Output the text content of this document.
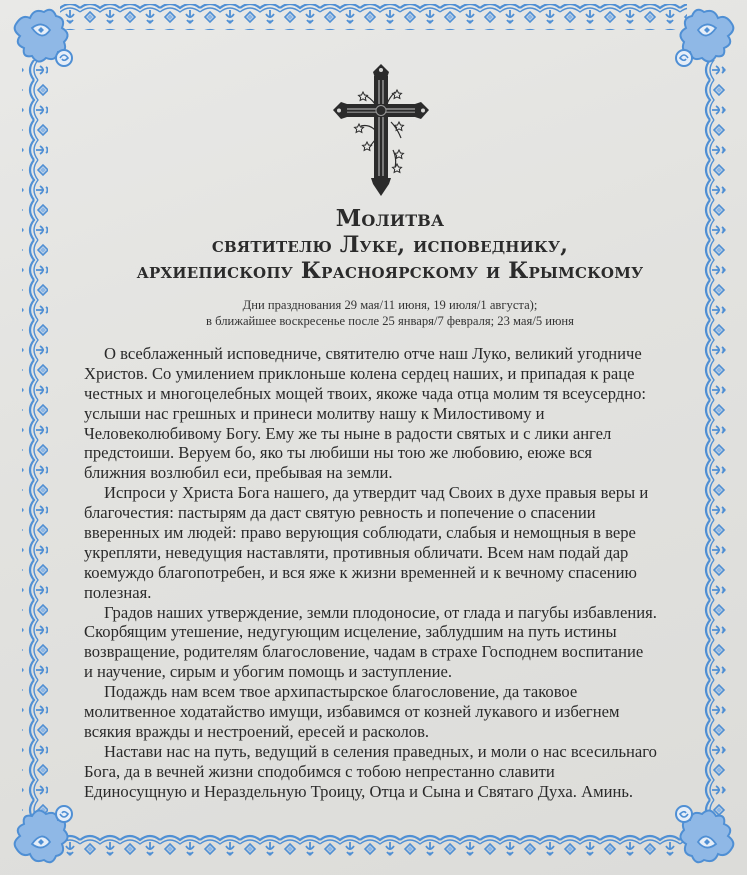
Молитва
святителю Луке, исповеднику,
архиепископу Красноярскому и Крымскому
Дни празднования 29 мая/11 июня, 19 июля/1 августа);
в ближайшее воскресенье после 25 января/7 февраля; 23 мая/5 июня
О всеблаженный исповедниче, святителю отче наш Луко, великий угодниче
Христов. Со умилением приклоньше колена сердец наших, и припадая к раце
честных и многоцелебных мощей твоих, якоже чада отца молим тя всеусердно:
услыши нас грешных и принеси молитву нашу к Милостивому и
Человеколюбивому Богу. Ему же ты ныне в радости святых и с лики ангел
предстоиши. Веруем бо, яко ты любиши ны тою же любовию, еюже вся
ближния возлюбил еси, пребывая на земли.
Испроси у Христа Бога нашего, да утвердит чад Своих в духе правыя веры и
благочестия: пастырям да даст святую ревность и попечение о спасении
вверенных им людей: право верующия соблюдати, слабыя и немощныя в вере
укрепляти, неведущия наставляти, противныя обличати. Всем нам подай дар
коемуждо благопотребен, и вся яже к жизни временней и к вечному спасению
полезная.
Градов наших утверждение, земли плодоносие, от глада и пагубы избавления.
Скорбящим утешение, недугующим исцеление, заблудшим на путь истины
возвращение, родителям благословение, чадам в страхе Господнем воспитание
и научение, сирым и убогим помощь и заступление.
Подаждь нам всем твое архипастырское благословение, да таковое
молитвенное ходатайство имущи, избавимся от козней лукавого и избегнем
всякия вражды и нестроений, ересей и расколов.
Настави нас на путь, ведущий в селения праведных, и моли о нас всесильнаго
Бога, да в вечней жизни сподобимся с тобою непрестанно славити
Единосущную и Нераздельную Троицу, Отца и Сына и Святаго Духа. Аминь.
